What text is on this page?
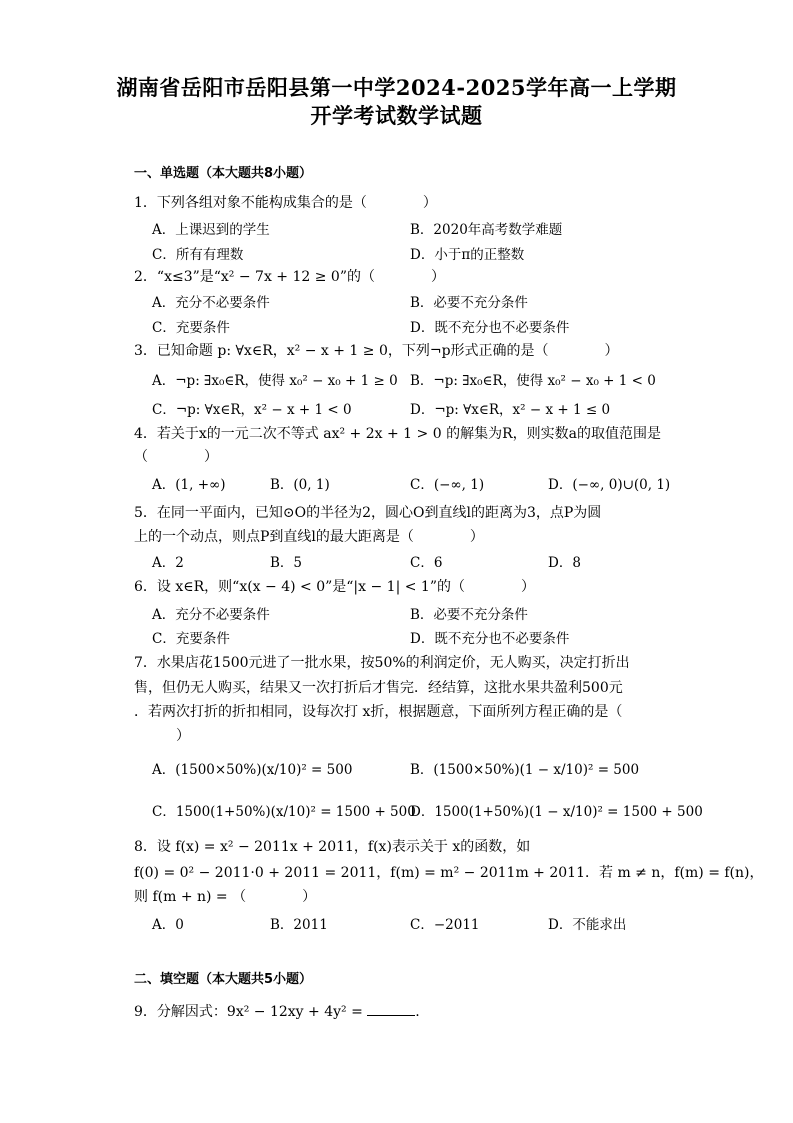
湖南省岳阳市岳阳县第一中学2024-2025学年高一上学期
开学考试数学试题
一、单选题（本大题共8小题）
1．下列各组对象不能构成集合的是（　　　　）
A．上课迟到的学生	B．2020年高考数学难题
C．所有有理数	D．小于π的正整数
2．“x≤3”是“x² − 7x + 12 ≥ 0”的（　　　　）
A．充分不必要条件	B．必要不充分条件
C．充要条件	D．既不充分也不必要条件
3．已知命题 p: ∀x∈R，x² − x + 1 ≥ 0，下列¬p形式正确的是（　　　　）
A．¬p: ∃x₀∈R，使得 x₀² − x₀ + 1 ≥ 0 B．¬p: ∃x₀∈R，使得 x₀² − x₀ + 1 < 0
C．¬p: ∀x∈R，x² − x + 1 < 0	D．¬p: ∀x∈R，x² − x + 1 ≤ 0
4．若关于x的一元二次不等式 ax² + 2x + 1 > 0 的解集为R，则实数a的取值范围是
（　　　　）
A．(1, +∞)	B．(0, 1)	C．(−∞, 1)	D．(−∞, 0)∪(0, 1)
5．在同一平面内，已知⊙O的半径为2，圆心O到直线l的距离为3，点P为圆
上的一个动点，则点P到直线l的最大距离是（　　　　）
A．2	B．5	C．6	D．8
6．设 x∈R，则“x(x − 4) < 0”是“|x − 1| < 1”的（　　　　）
A．充分不必要条件	B．必要不充分条件
C．充要条件	D．既不充分也不必要条件
7．水果店花1500元进了一批水果，按50%的利润定价，无人购买，决定打折出
售，但仍无人购买，结果又一次打折后才售完．经结算，这批水果共盈利500元
．若两次打折的折扣相同，设每次打 x折，根据题意，下面所列方程正确的是（
　　　）
A．(1500×50%)(x/10)² = 500	B．(1500×50%)(1 − x/10)² = 500
C．1500(1+50%)(x/10)² = 1500 + 500
D．1500(1+50%)(1 − x/10)² = 1500 + 500
8．设 f(x) = x² − 2011x + 2011，f(x)表示关于 x的函数，如
f(0) = 0² − 2011·0 + 2011 = 2011，f(m) = m² − 2011m + 2011．若 m ≠ n，f(m) = f(n)，
则 f(m + n) = （　　　　）
A．0	B．2011	C．−2011	D．不能求出
二、填空题（本大题共5小题）
9．分解因式：9x² − 12xy + 4y² =	.
